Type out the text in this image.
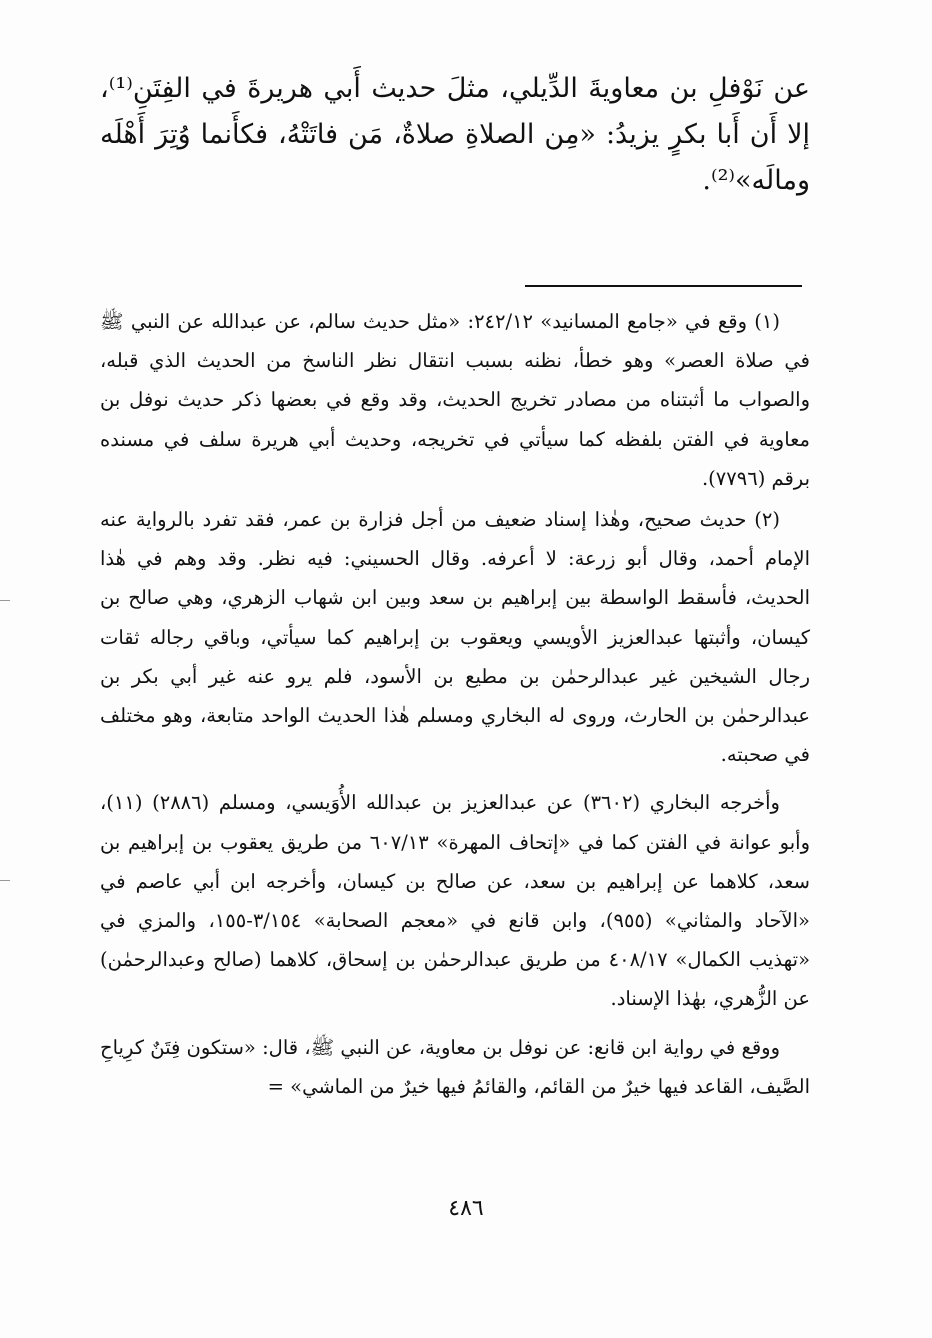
عن نَوْفلِ بن معاويةَ الدِّيلي، مثلَ حديث أَبي هريرةَ في الفِتَنِ⁽¹⁾، إلا أَن أَبا بكرٍ يزيدُ: «مِن الصلاةِ صلاةٌ، مَن فاتَتْهُ، فكأَنما وُتِرَ أَهْلَه ومالَه»⁽²⁾.

(١) وقع في «جامع المسانيد» ٢٤٢/١٢: «مثل حديث سالم، عن عبدالله عن النبي ﷺ في صلاة العصر» وهو خطأ، نظنه بسبب انتقال نظر الناسخ من الحديث الذي قبله، والصواب ما أثبتناه من مصادر تخريج الحديث، وقد وقع في بعضها ذكر حديث نوفل بن معاوية في الفتن بلفظه كما سيأتي في تخريجه، وحديث أبي هريرة سلف في مسنده برقم (٧٧٩٦).

(٢) حديث صحيح، وهٰذا إسناد ضعيف من أجل فزارة بن عمر، فقد تفرد بالرواية عنه الإمام أحمد، وقال أبو زرعة: لا أعرفه. وقال الحسيني: فيه نظر. وقد وهم في هٰذا الحديث، فأسقط الواسطة بين إبراهيم بن سعد وبين ابن شهاب الزهري، وهي صالح بن كيسان، وأثبتها عبدالعزيز الأويسي ويعقوب بن إبراهيم كما سيأتي، وباقي رجاله ثقات رجال الشيخين غير عبدالرحمٰن بن مطيع بن الأسود، فلم يرو عنه غير أبي بكر بن عبدالرحمٰن بن الحارث، وروى له البخاري ومسلم هٰذا الحديث الواحد متابعة، وهو مختلف في صحبته.

وأخرجه البخاري (٣٦٠٢) عن عبدالعزيز بن عبدالله الأُوَيسي، ومسلم (٢٨٨٦) (١١)، وأبو عوانة في الفتن كما في «إتحاف المهرة» ٦٠٧/١٣ من طريق يعقوب بن إبراهيم بن سعد، كلاهما عن إبراهيم بن سعد، عن صالح بن كيسان، وأخرجه ابن أبي عاصم في «الآحاد والمثاني» (٩٥٥)، وابن قانع في «معجم الصحابة» ٣/١٥٤-١٥٥، والمزي في «تهذيب الكمال» ٤٠٨/١٧ من طريق عبدالرحمٰن بن إسحاق، كلاهما (صالح وعبدالرحمٰن) عن الزُّهري، بهٰذا الإسناد.

ووقع في رواية ابن قانع: عن نوفل بن معاوية، عن النبي ﷺ، قال: «ستكون فِتَنٌ كرِياحِ الصَّيف، القاعد فيها خيرٌ من القائم، والقائمُ فيها خيرٌ من الماشي» =

٤٨٦
